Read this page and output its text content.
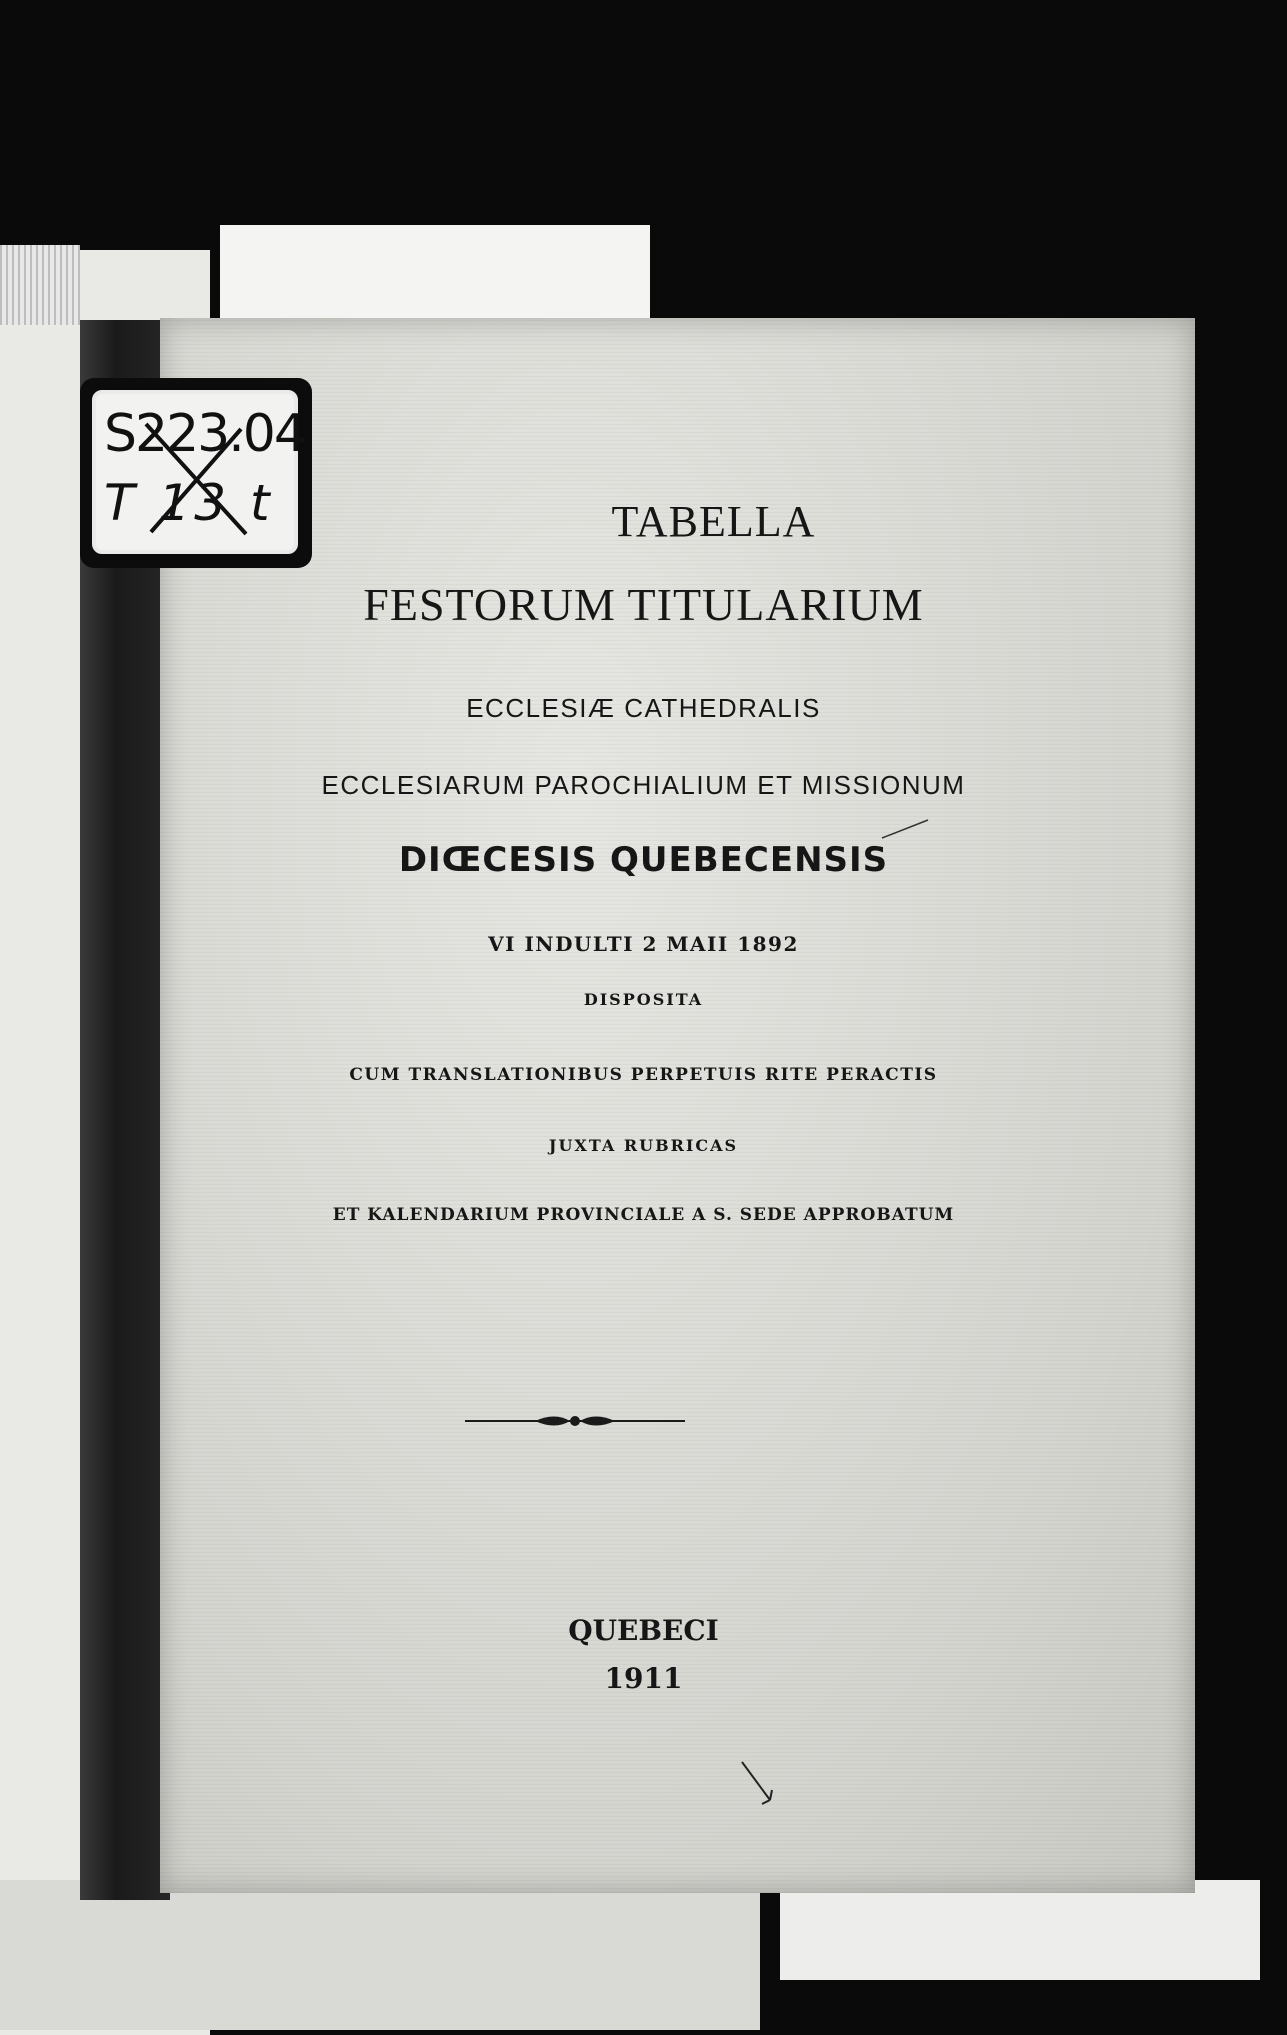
S223.04
T 13 t	TABELLA
FESTORUM TITULARIUM
ECCLESIÆ CATHEDRALIS
ECCLESIARUM PAROCHIALIUM ET MISSIONUM
DIŒCESIS QUEBECENSIS
VI INDULTI 2 MAII 1892
DISPOSITA
CUM TRANSLATIONIBUS PERPETUIS RITE PERACTIS
JUXTA RUBRICAS
ET KALENDARIUM PROVINCIALE A S. SEDE APPROBATUM
QUEBECI
1911
